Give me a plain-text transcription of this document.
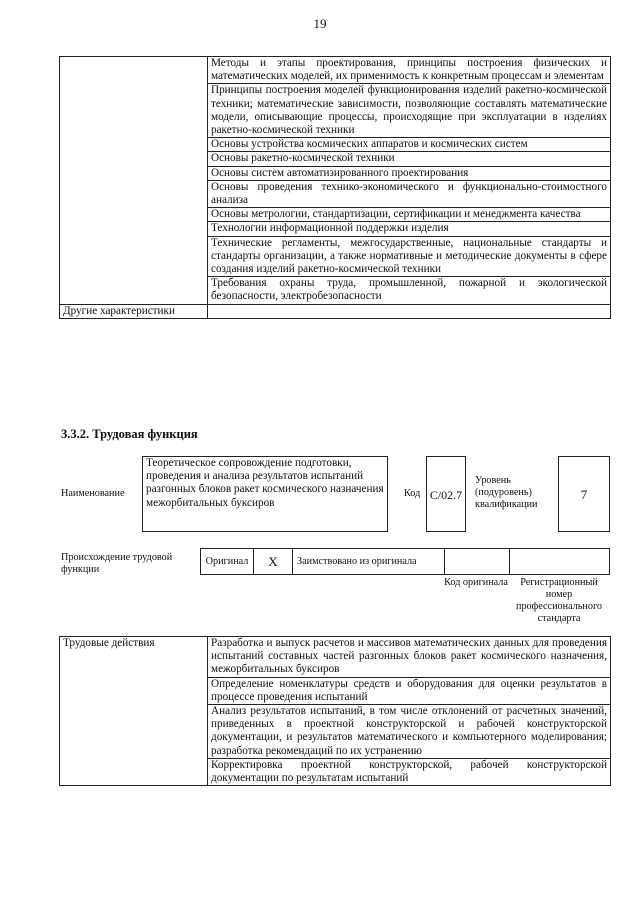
19
	Методы и этапы проектирования, принципы построения физических и математических моделей, их применимость к конкретным процессам и элементам
	Принципы построения моделей функционирования изделий ракетно-космической техники; математические зависимости, позволяющие составлять математические модели, описывающие процессы, происходящие при эксплуатации в изделиях ракетно-космической техники
	Основы устройства космических аппаратов и космических систем
	Основы ракетно-космической техники
	Основы систем автоматизированного проектирования
	Основы проведения технико-экономического и функционально-стоимостного анализа
	Основы метрологии, стандартизации, сертификации и менеджмента качества
	Технологии информационной поддержки изделия
	Технические регламенты, межгосударственные, национальные стандарты и стандарты организации, а также нормативные и методические документы в сфере создания изделий ракетно-космической техники
	Требования охраны труда, промышленной, пожарной и экологической безопасности, электробезопасности
Другие характеристики	
3.3.2. Трудовая функция
Наименование
Теоретическое сопровождение подготовки, проведения и анализа результатов испытаний разгонных блоков ракет космического назначения межорбитальных буксиров
Код С/02.7
Уровень (подуровень) квалификации
7
Происхождение трудовой функции
Оригинал	X	Заимствовано из оригинала
Код оригинала	Регистрационный номер профессионального стандарта
Трудовые действия	Разработка и выпуск расчетов и массивов математических данных для проведения испытаний составных частей разгонных блоков ракет космического назначения, межорбитальных буксиров
Определение номенклатуры средств и оборудования для оценки результатов в процессе проведения испытаний
Анализ результатов испытаний, в том числе отклонений от расчетных значений, приведенных в проектной конструкторской и рабочей конструкторской документации, и результатов математического и компьютерного моделирования; разработка рекомендаций по их устранению
Корректировка проектной конструкторской, рабочей конструкторской документации по результатам испытаний
